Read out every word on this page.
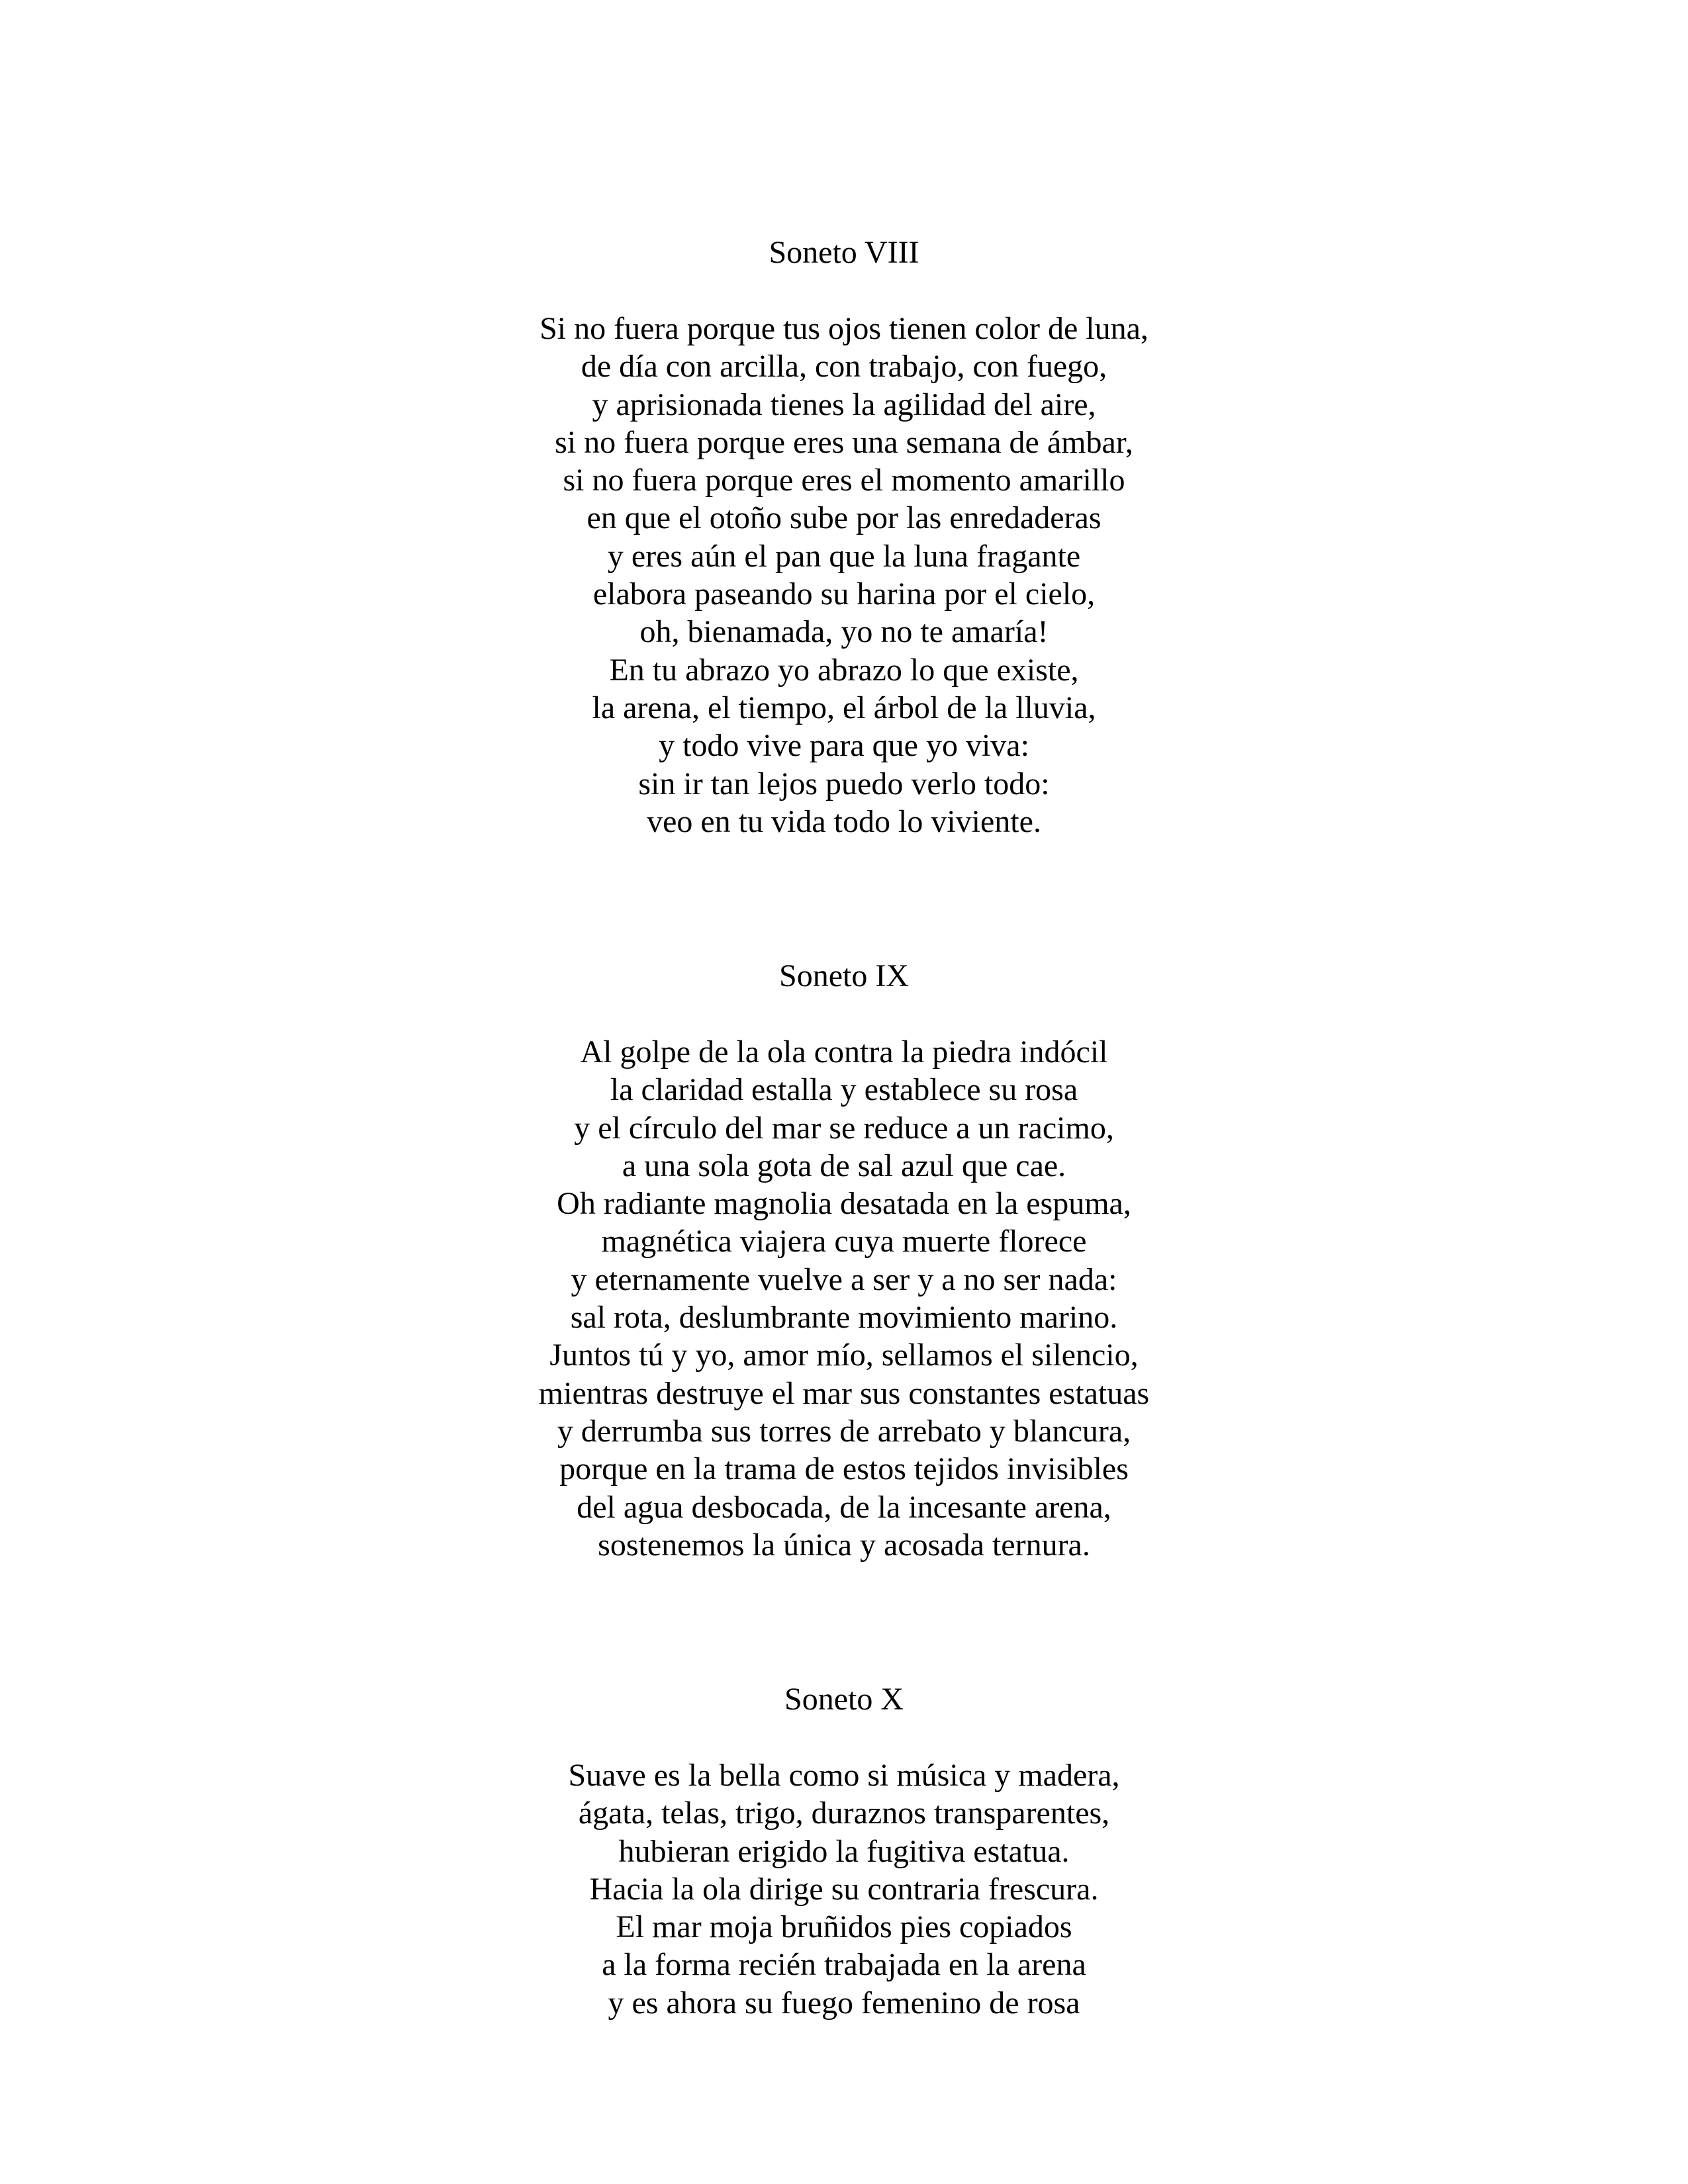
Soneto VIII
Si no fuera porque tus ojos tienen color de luna,
de día con arcilla, con trabajo, con fuego,
y aprisionada tienes la agilidad del aire,
si no fuera porque eres una semana de ámbar,
si no fuera porque eres el momento amarillo
en que el otoño sube por las enredaderas
y eres aún el pan que la luna fragante
elabora paseando su harina por el cielo,
oh, bienamada, yo no te amaría!
En tu abrazo yo abrazo lo que existe,
la arena, el tiempo, el árbol de la lluvia,
y todo vive para que yo viva:
sin ir tan lejos puedo verlo todo:
veo en tu vida todo lo viviente.
Soneto IX
Al golpe de la ola contra la piedra indócil
la claridad estalla y establece su rosa
y el círculo del mar se reduce a un racimo,
a una sola gota de sal azul que cae.
Oh radiante magnolia desatada en la espuma,
magnética viajera cuya muerte florece
y eternamente vuelve a ser y a no ser nada:
sal rota, deslumbrante movimiento marino.
Juntos tú y yo, amor mío, sellamos el silencio,
mientras destruye el mar sus constantes estatuas
y derrumba sus torres de arrebato y blancura,
porque en la trama de estos tejidos invisibles
del agua desbocada, de la incesante arena,
sostenemos la única y acosada ternura.
Soneto X
Suave es la bella como si música y madera,
ágata, telas, trigo, duraznos transparentes,
hubieran erigido la fugitiva estatua.
Hacia la ola dirige su contraria frescura.
El mar moja bruñidos pies copiados
a la forma recién trabajada en la arena
y es ahora su fuego femenino de rosa
